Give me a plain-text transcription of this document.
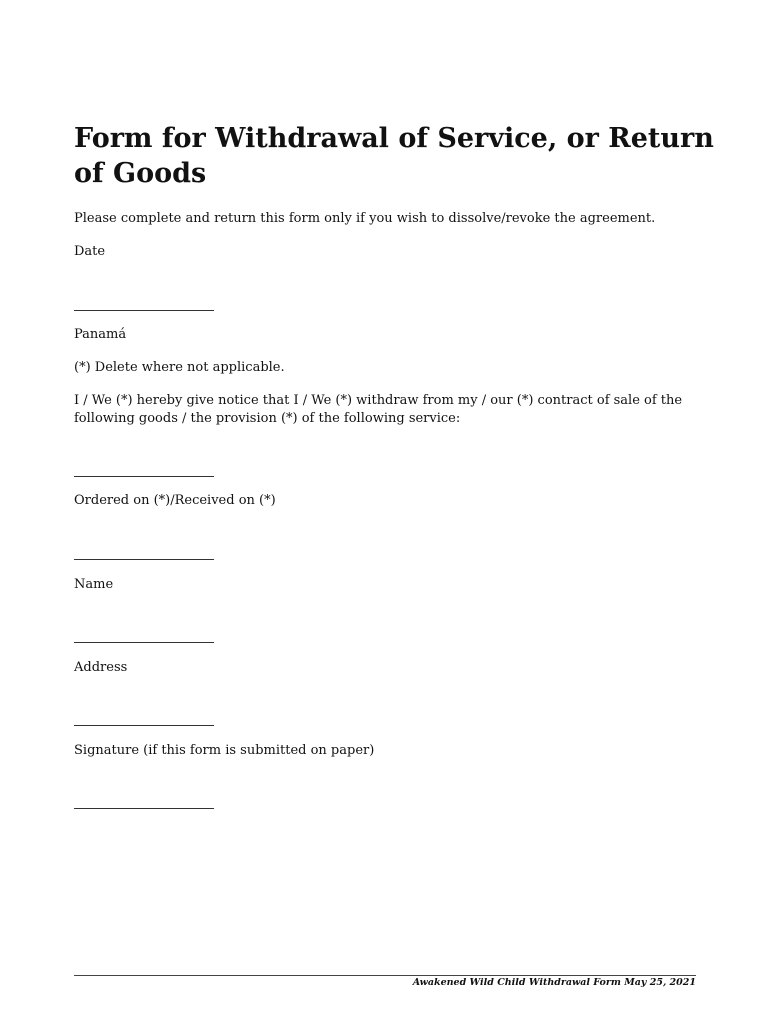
Form for Withdrawal of Service, or Return of Goods

Please complete and return this form only if you wish to dissolve/revoke the agreement.

Date

Panamá

(*) Delete where not applicable.

I / We (*) hereby give notice that I / We (*) withdraw from my / our (*) contract of sale of the following goods / the provision (*) of the following service:

Ordered on (*)/Received on (*)

Name

Address

Signature (if this form is submitted on paper)

Awakened Wild Child Withdrawal Form May 25, 2021
